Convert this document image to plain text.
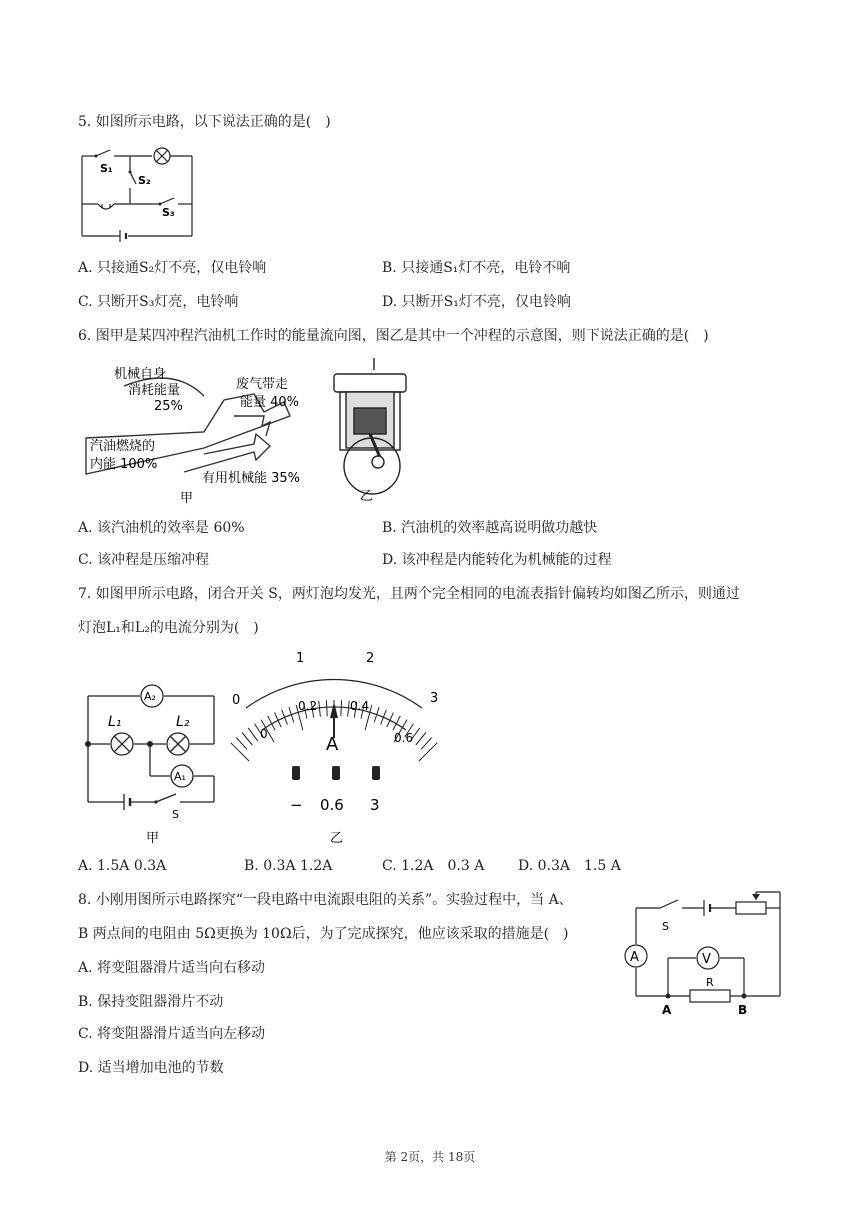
5. 如图所示电路，以下说法正确的是(　)
S₁
S₂
S₃
A. 只接通S₂灯不亮，仅电铃响	B. 只接通S₁灯不亮，电铃不响
C. 只断开S₃灯亮，电铃响	D. 只断开S₁灯不亮，仅电铃响
6. 图甲是某四冲程汽油机工作时的能量流向图，图乙是其中一个冲程的示意图，则下说法正确的是(　)
机械自身
消耗能量
25%
废气带走
能量 40%
汽油燃烧的
内能 100%
有用机械能 35%
甲	乙
A. 该汽油机的效率是 60%	B. 汽油机的效率越高说明做功越快
C. 该冲程是压缩冲程	D. 该冲程是内能转化为机械能的过程
7. 如图甲所示电路，闭合开关 S，两灯泡均发光，且两个完全相同的电流表指针偏转均如图乙所示，则通过
灯泡L₁和L₂的电流分别为(　)
A₂
A₁
L₁	L₂
S
甲
0
1	2
3
0
0.2	0.4
0.6
A
− 0.6 3
乙
A. 1.5A 0.3A	B. 0.3A 1.2A	C. 1.2A　0.3 A D. 0.3A　1.5 A
8. 小刚用图所示电路探究“一段电路中电流跟电阻的关系”。实验过程中，当 A、
B 两点间的电阻由 5Ω更换为 10Ω后，为了完成探究，他应该采取的措施是(　)	S
A	V
R
A	B
A. 将变阻器滑片适当向右移动
B. 保持变阻器滑片不动
C. 将变阻器滑片适当向左移动
D. 适当增加电池的节数
第 2页，共 18页
